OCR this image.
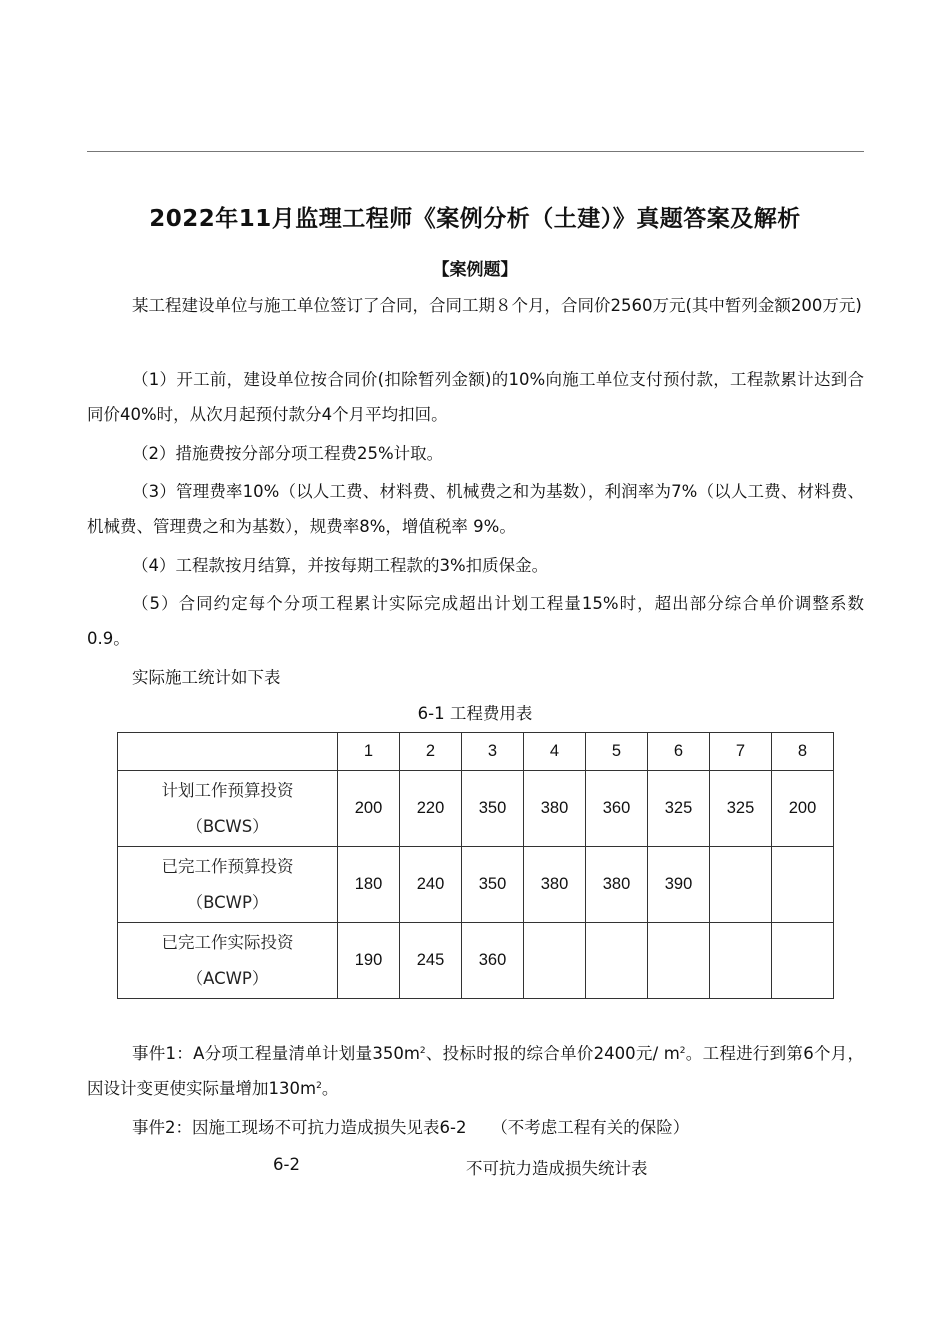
2022年11月监理工程师《案例分析（土建）》真题答案及解析
【案例题】

某工程建设单位与施工单位签订了合同，合同工期８个月，合同价2560万元(其中暂列金额200万元)

（1）开工前，建设单位按合同价(扣除暂列金额)的10%向施工单位支付预付款，工程款累计达到合同价40%时，从次月起预付款分4个月平均扣回。

（2）措施费按分部分项工程费25%计取。

（3）管理费率10%（以人工费、材料费、机械费之和为基数），利润率为7%（以人工费、材料费、机械费、管理费之和为基数），规费率8%，增值税率 9%。

（4）工程款按月结算，并按每期工程款的3%扣质保金。

（5）合同约定每个分项工程累计实际完成超出计划工程量15%时，超出部分综合单价调整系数0.9。

实际施工统计如下表

6-1 工程费用表
	1	2	3	4	5	6	7	8
计划工作预算投资
（BCWS）	200	220	350	380	360	325	325	200
已完工作预算投资
（BCWP）	180	240	350	380	380	390		
已完工作实际投资
（ACWP）	190	245	360					

事件1：A分项工程量清单计划量$350m^2$、投标时报的综合单价2400元/ $m^2$。工程进行到第6个月，因设计变更使实际量增加$130m^2$。

事件2：因施工现场不可抗力造成损失见表6-2　　（不考虑工程有关的保险）

6-2	不可抗力造成损失统计表
